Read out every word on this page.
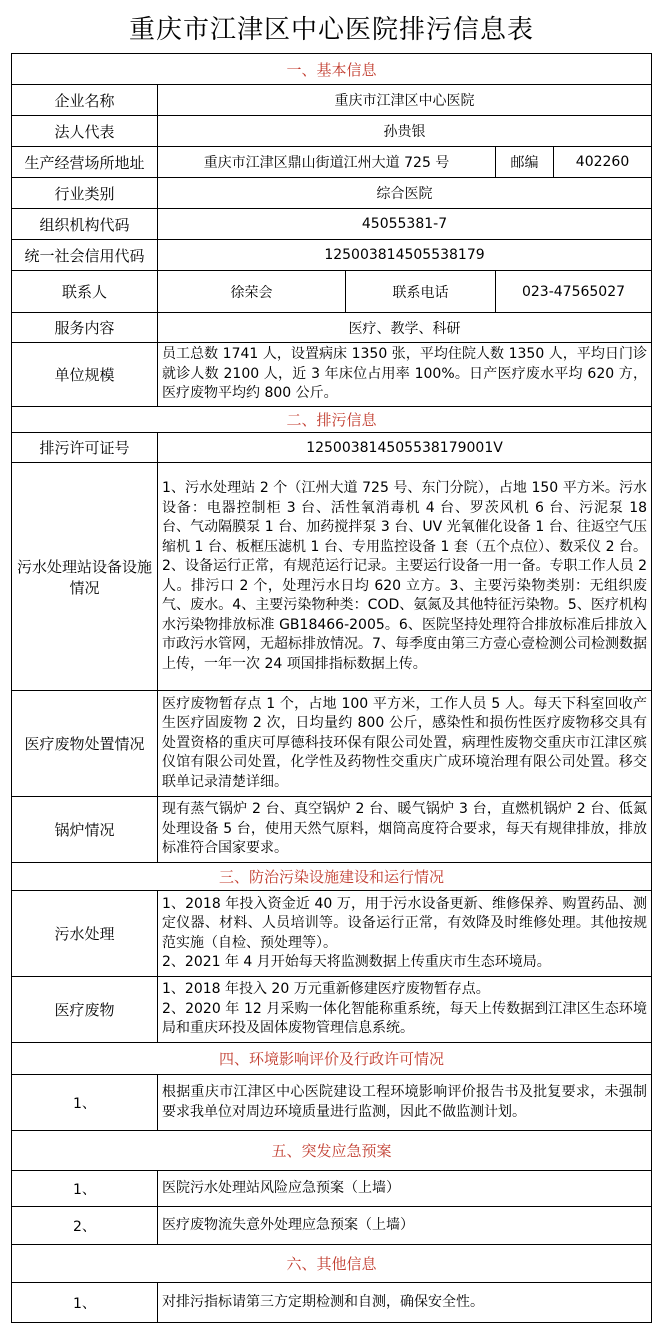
重庆市江津区中心医院排污信息表
一、基本信息				
企业名称	重庆市江津区中心医院			
法人代表	孙贵银			
生产经营场所地址	重庆市江津区鼎山街道江州大道 725 号		邮编	402260
行业类别	综合医院			
组织机构代码	45055381-7			
统一社会信用代码	125003814505538179			
联系人	徐荣会	联系电话	023-47565027	
服务内容	医疗、教学、科研			
单位规模	员工总数 1741 人，设置病床 1350 张，平均住院人数 1350 人，平均日门诊就诊人数 2100 人，近 3 年床位占用率 100%。日产医疗废水平均 620 方，医疗废物平均约 800 公斤。			
二、排污信息				
排污许可证号	12500381450553817900​1V			
污水处理站设备设施情况	1、污水处理站 2 个（江州大道 725 号、东门分院），占地 150 平方米。污水设备：电器控制柜 3 台、活性氧消毒机 4 台、罗茨风机 6 台、污泥泵 18 台、气动隔膜泵 1 台、加药搅拌泵 3 台、UV 光氧催化设备 1 台、往返空气压缩机 1 台、板框压滤机 1 台、专用监控设备 1 套（五个点位）、数采仪 2 台。2、设备运行正常，有规范运行记录。主要运行设备一用一备。专职工作人员 2 人。排污口 2 个，处理污水日均 620 立方。3、主要污染物类别：无组织废气、废水。4、主要污染物种类：COD、氨氮及其他特征污染物。5、医疗机构水污染物排放标准 GB18466-2005。6、医院坚持处理符合排放标准后排放入市政污水管网，无超标排放情况。7、每季度由第三方壹心壹检测公司检测数据上传，一年一次 24 项国排指标数据上传。			
医疗废物处置情况	医疗废物暂存点 1 个，占地 100 平方米，工作人员 5 人。每天下科室回收产生医疗固废物 2 次，日均量约 800 公斤，感染性和损伤性医疗废物移交具有处置资格的重庆可厚德科技环保有限公司处置，病理性废物交重庆市江津区殡仪馆有限公司处置，化学性及药物性交重庆广成环境治理有限公司处置。移交联单记录清楚详细。			
锅炉情况	现有蒸气锅炉 2 台、真空锅炉 2 台、暖气锅炉 3 台，直燃机锅炉 2 台、低氮处理设备 5 台，使用天然气原料，烟筒高度符合要求，每天有规律排放，排放标准符合国家要求。			
三、防治污染设施建设和运行情况				
污水处理	1、2018 年投入资金近 40 万，用于污水设备更新、维修保养、购置药品、测定仪器、材料、人员培训等。设备运行正常，有效降及时维修处理。其他按规范实施（自检、预处理等）。
2、2021 年 4 月开始每天将监测数据上传重庆市生态环境局。			

医疗废物	1、2018 年投入 20 万元重新修建医疗废物暂存点。
2、2020 年 12 月采购一体化智能称重系统，每天上传数据到江津区生态环境局和重庆环投及固体废物管理信息系统。			

四、环境影响评价及行政许可情况				
1、	根据重庆市江津区中心医院建设工程环境影响评价报告书及批复要求，未强制要求我单位对周边环境质量进行监测，因此不做监测计划。			
五、突发应急预案				
1、	医院污水处理站风险应急预案（上墙）			
2、	医疗废物流失意外处理应急预案（上墙）			
六、其他信息				
1、	对排污指标请第三方定期检测和自测，确保安全性。			
